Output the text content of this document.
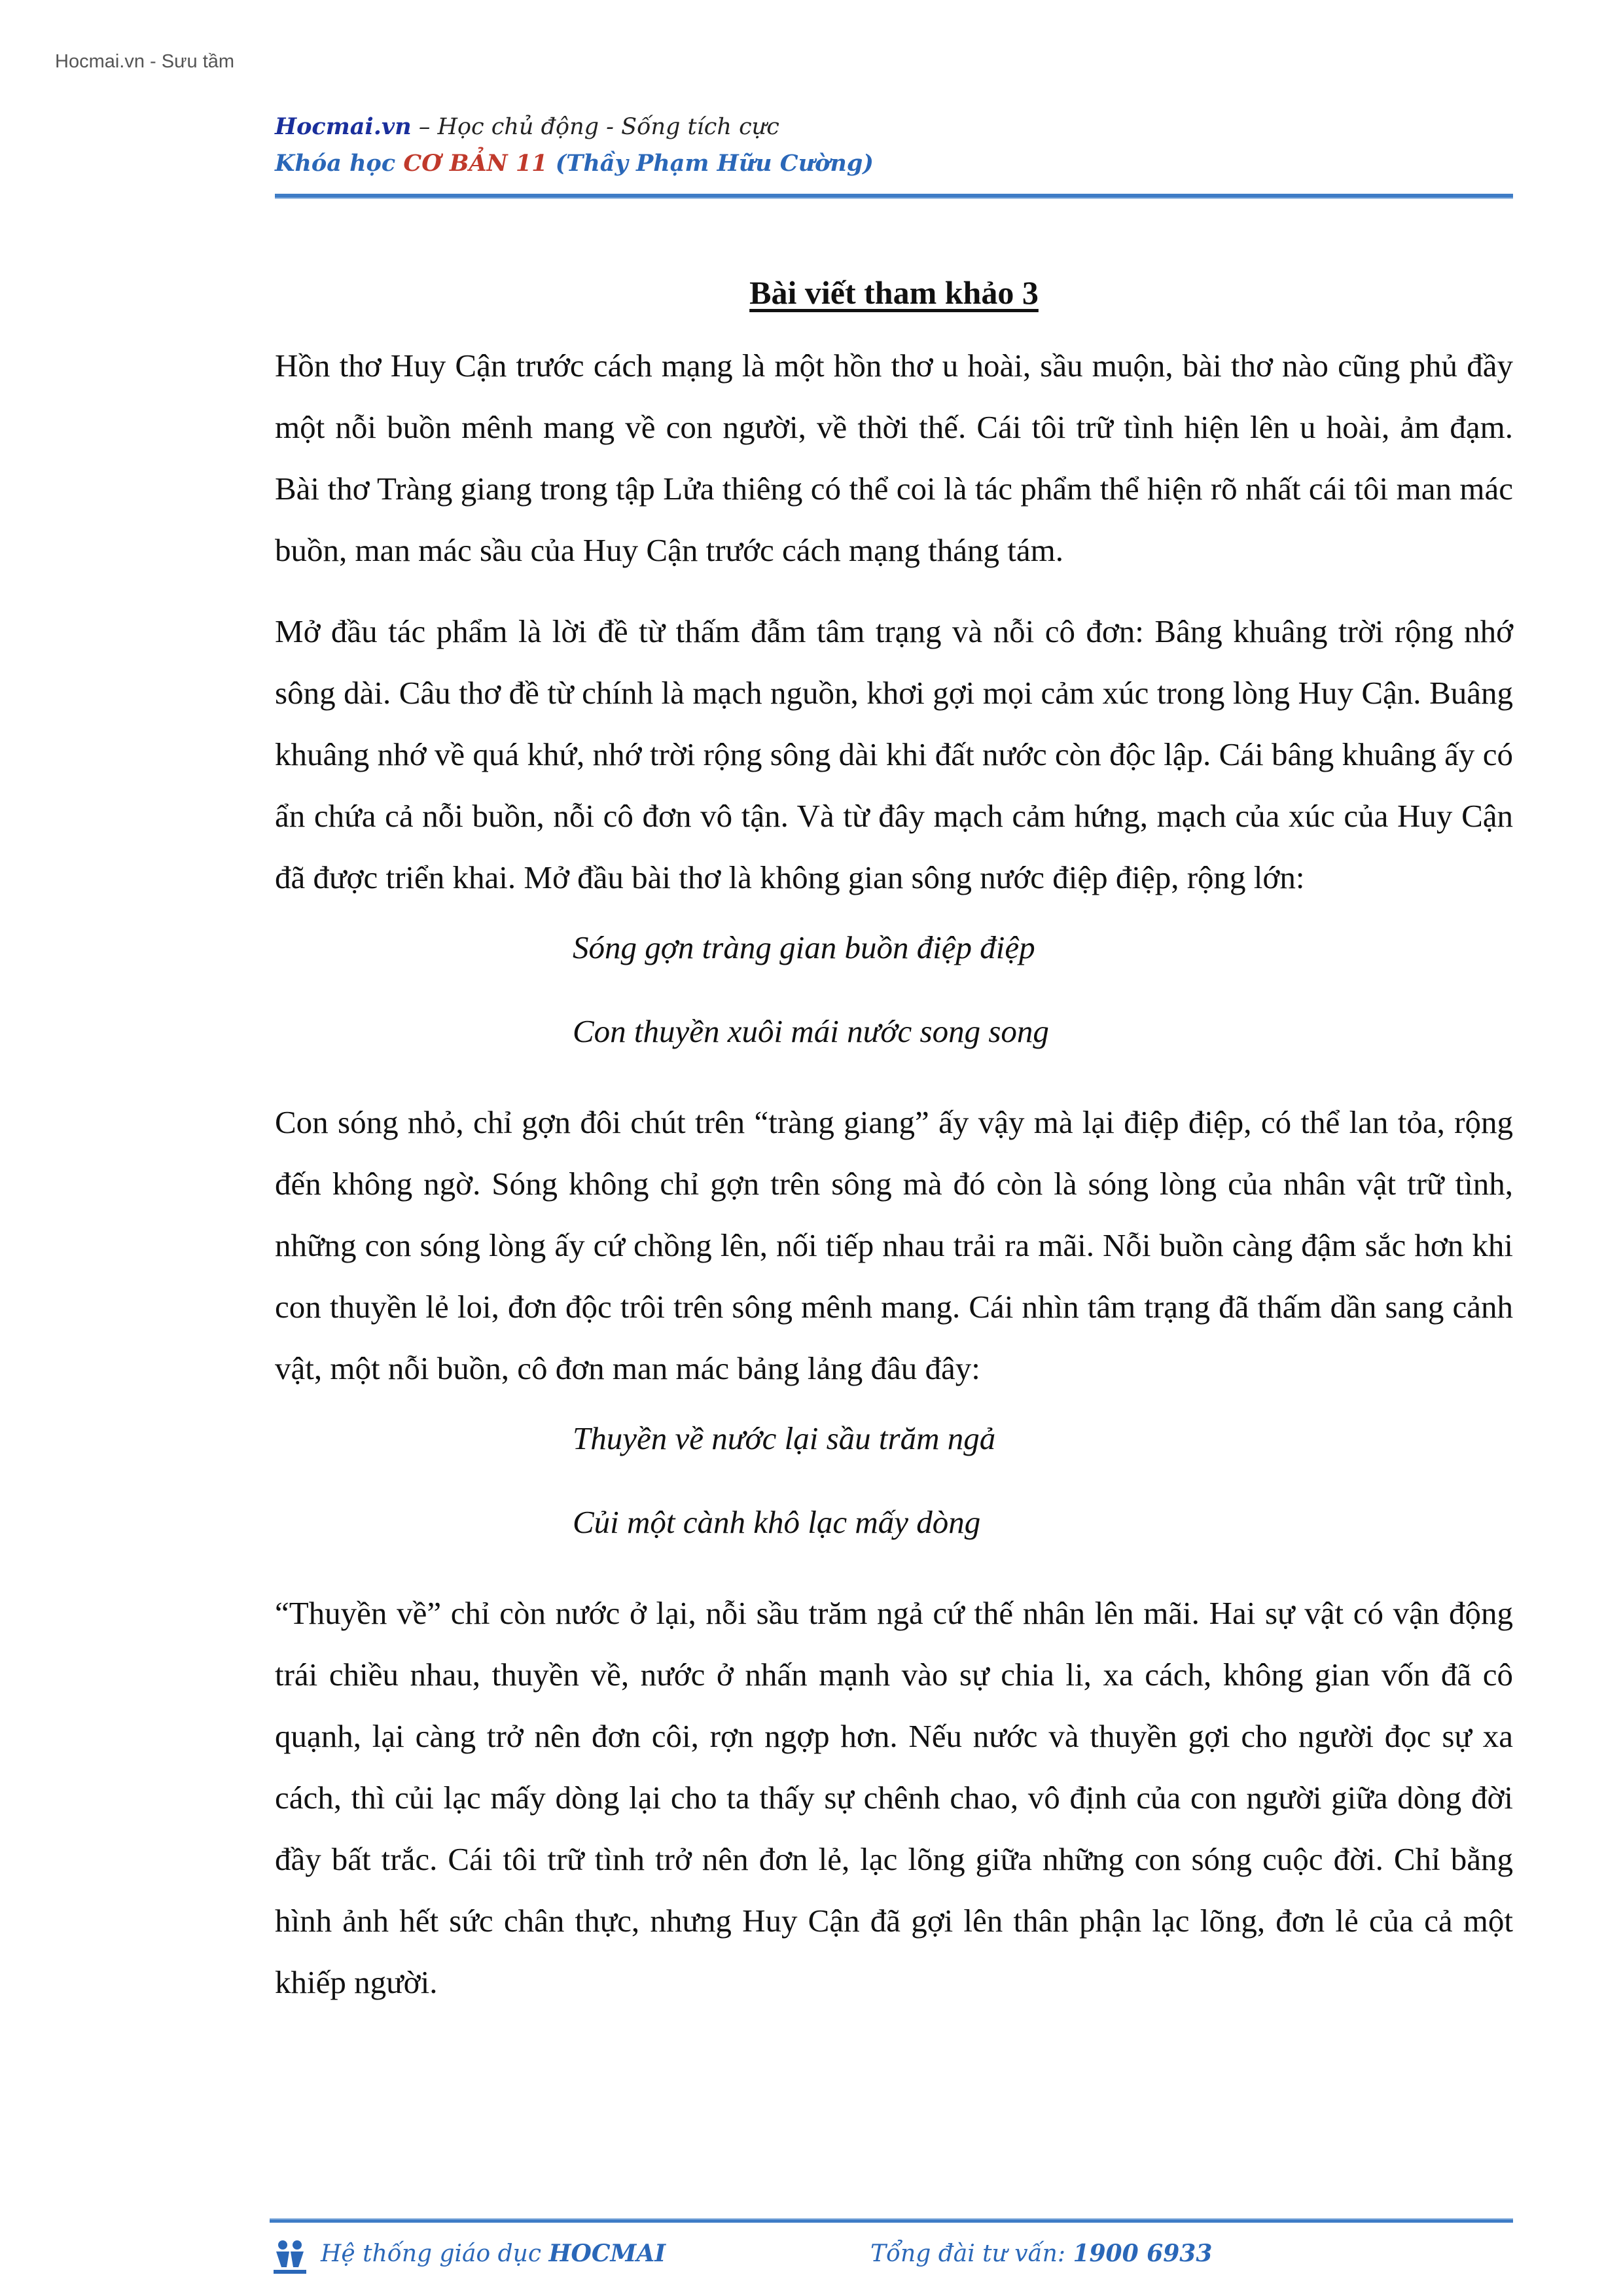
Hocmai.vn - Sưu tầm
Hocmai.vn – Học chủ động - Sống tích cực
Khóa học CƠ BẢN 11 (Thầy Phạm Hữu Cường)
Bài viết tham khảo 3

Hồn thơ Huy Cận trước cách mạng là một hồn thơ u hoài, sầu muộn, bài thơ nào cũng phủ đầy một nỗi buồn mênh mang về con người, về thời thế. Cái tôi trữ tình hiện lên u hoài, ảm đạm. Bài thơ Tràng giang trong tập Lửa thiêng có thể coi là tác phẩm thể hiện rõ nhất cái tôi man mác buồn, man mác sầu của Huy Cận trước cách mạng tháng tám.

Mở đầu tác phẩm là lời đề từ thấm đẫm tâm trạng và nỗi cô đơn: Bâng khuâng trời rộng nhớ sông dài. Câu thơ đề từ chính là mạch nguồn, khơi gợi mọi cảm xúc trong lòng Huy Cận. Buâng khuâng nhớ về quá khứ, nhớ trời rộng sông dài khi đất nước còn độc lập. Cái bâng khuâng ấy có ẩn chứa cả nỗi buồn, nỗi cô đơn vô tận. Và từ đây mạch cảm hứng, mạch của xúc của Huy Cận đã được triển khai. Mở đầu bài thơ là không gian sông nước điệp điệp, rộng lớn:

Sóng gợn tràng gian buồn điệp điệp
Con thuyền xuôi mái nước song song

Con sóng nhỏ, chỉ gợn đôi chút trên “tràng giang” ấy vậy mà lại điệp điệp, có thể lan tỏa, rộng đến không ngờ. Sóng không chỉ gợn trên sông mà đó còn là sóng lòng của nhân vật trữ tình, những con sóng lòng ấy cứ chồng lên, nối tiếp nhau trải ra mãi. Nỗi buồn càng đậm sắc hơn khi con thuyền lẻ loi, đơn độc trôi trên sông mênh mang. Cái nhìn tâm trạng đã thấm dần sang cảnh vật, một nỗi buồn, cô đơn man mác bảng lảng đâu đây:

Thuyền về nước lại sầu trăm ngả
Củi một cành khô lạc mấy dòng

“Thuyền về” chỉ còn nước ở lại, nỗi sầu trăm ngả cứ thế nhân lên mãi. Hai sự vật có vận động trái chiều nhau, thuyền về, nước ở nhấn mạnh vào sự chia li, xa cách, không gian vốn đã cô quạnh, lại càng trở nên đơn côi, rợn ngợp hơn. Nếu nước và thuyền gợi cho người đọc sự xa cách, thì củi lạc mấy dòng lại cho ta thấy sự chênh chao, vô định của con người giữa dòng đời đầy bất trắc. Cái tôi trữ tình trở nên đơn lẻ, lạc lõng giữa những con sóng cuộc đời. Chỉ bằng hình ảnh hết sức chân thực, nhưng Huy Cận đã gợi lên thân phận lạc lõng, đơn lẻ của cả một khiếp người.

Hệ thống giáo dục HOCMAI	Tổng đài tư vấn: 1900 6933
